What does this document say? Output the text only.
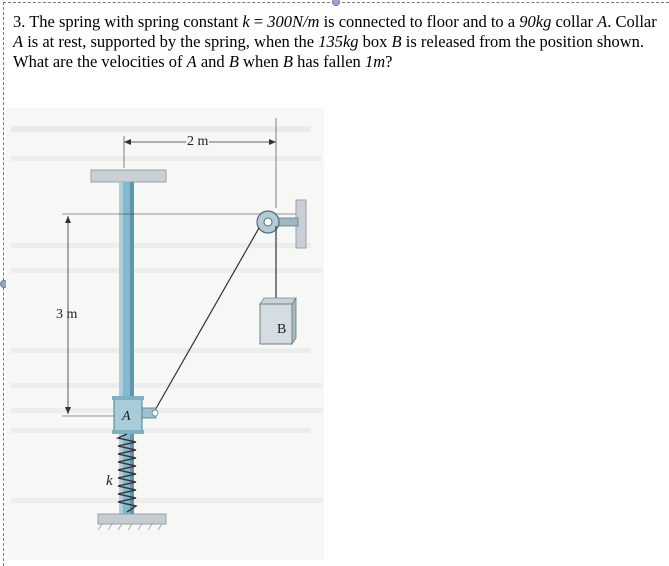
3. The spring with spring constant k = 300N/m is connected to floor and to a 90kg collar A. Collar A is at rest, supported by the spring, when the 135kg box B is released from the position shown. What are the velocities of A and B when B has fallen 1m?
2 m
3 m
A
B
k
